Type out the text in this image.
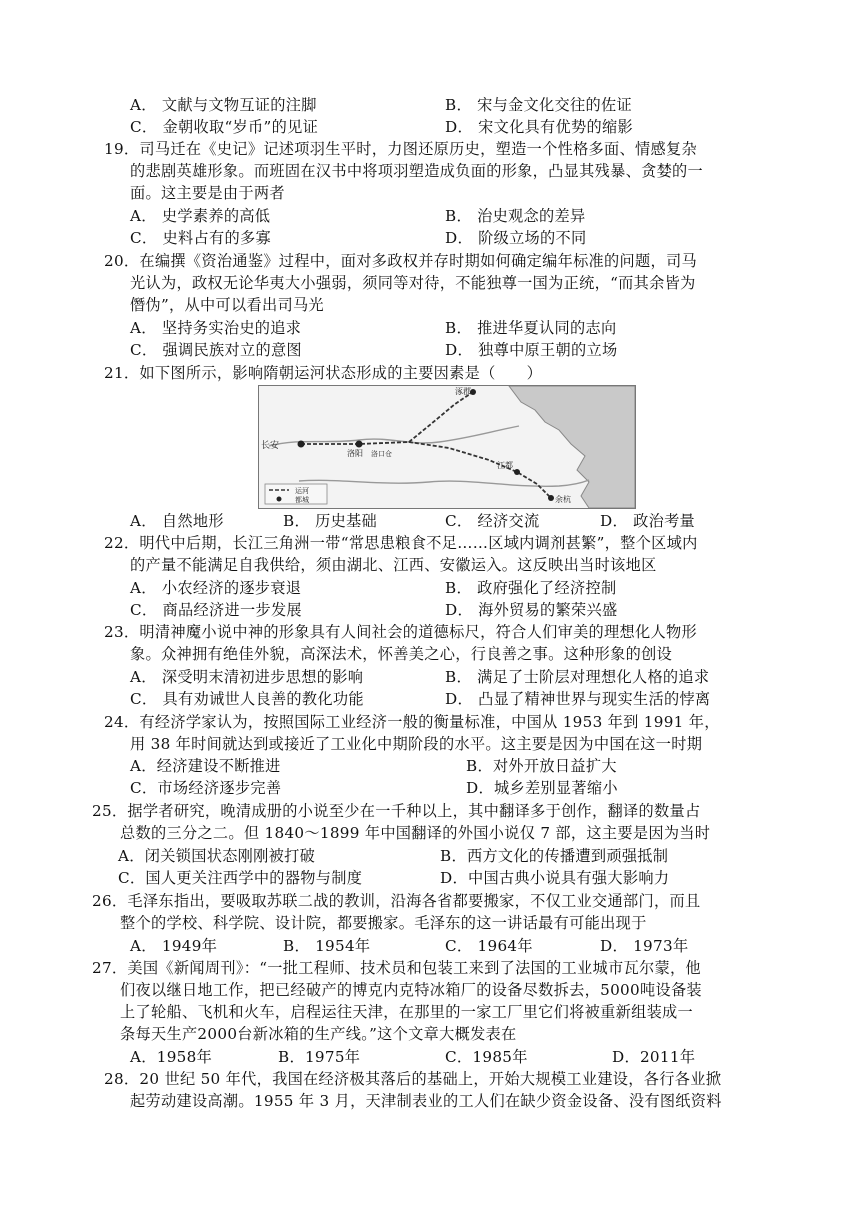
A． 文献与文物互证的注脚	B． 宋与金文化交往的佐证
C． 金朝收取“岁币”的见证	D． 宋文化具有优势的缩影
19．司马迁在《史记》记述项羽生平时，力图还原历史，塑造一个性格多面、情感复杂
的悲剧英雄形象。而班固在汉书中将项羽塑造成负面的形象，凸显其残暴、贪婪的一
面。这主要是由于两者
A． 史学素养的高低	B． 治史观念的差异
C． 史料占有的多寡	D． 阶级立场的不同
20．在编撰《资治通鉴》过程中，面对多政权并存时期如何确定编年标准的问题，司马
光认为，政权无论华夷大小强弱，须同等对待，不能独尊一国为正统，“而其余皆为
僭伪”，从中可以看出司马光
A． 坚持务实治史的追求	B． 推进华夏认同的志向
C． 强调民族对立的意图	D． 独尊中原王朝的立场
21．如下图所示，影响隋朝运河状态形成的主要因素是（　　）
涿郡
长安
洛阳 洛口仓
江都
余杭
运河
都城
A． 自然地形	B． 历史基础	C． 经济交流	D． 政治考量
22．明代中后期，长江三角洲一带“常思患粮食不足……区域内调剂甚繁”，整个区域内
的产量不能满足自我供给，须由湖北、江西、安徽运入。这反映出当时该地区
A． 小农经济的逐步衰退	B． 政府强化了经济控制
C． 商品经济进一步发展	D． 海外贸易的繁荣兴盛
23．明清神魔小说中神的形象具有人间社会的道德标尺，符合人们审美的理想化人物形
象。众神拥有绝佳外貌，高深法术，怀善美之心，行良善之事。这种形象的创设
A． 深受明末清初进步思想的影响	B． 满足了士阶层对理想化人格的追求
C． 具有劝诫世人良善的教化功能	D． 凸显了精神世界与现实生活的悖离
24．有经济学家认为，按照国际工业经济一般的衡量标准，中国从 1953 年到 1991 年，
用 38 年时间就达到或接近了工业化中期阶段的水平。这主要是因为中国在这一时期
A．经济建设不断推进	B．对外开放日益扩大
C．市场经济逐步完善	D．城乡差别显著缩小
25．据学者研究，晚清成册的小说至少在一千种以上，其中翻译多于创作，翻译的数量占
总数的三分之二。但 1840～1899 年中国翻译的外国小说仅 7 部，这主要是因为当时
A．闭关锁国状态刚刚被打破	B．西方文化的传播遭到顽强抵制
C．国人更关注西学中的器物与制度	D．中国古典小说具有强大影响力
26．毛泽东指出，要吸取苏联二战的教训，沿海各省都要搬家，不仅工业交通部门，而且
整个的学校、科学院、设计院，都要搬家。毛泽东的这一讲话最有可能出现于
A． 1949年	B． 1954年	C． 1964年	D． 1973年
27．美国《新闻周刊》：“一批工程师、技术员和包装工来到了法国的工业城市瓦尔蒙，他
们夜以继日地工作，把已经破产的博克内克特冰箱厂的设备尽数拆去，5000吨设备装
上了轮船、飞机和火车，启程运往天津，在那里的一家工厂里它们将被重新组装成一
条每天生产2000台新冰箱的生产线。”这个文章大概发表在
A．1958年	B．1975年	C．1985年	D．2011年
28．20 世纪 50 年代，我国在经济极其落后的基础上，开始大规模工业建设，各行各业掀
起劳动建设高潮。1955 年 3 月，天津制表业的工人们在缺少资金设备、没有图纸资料
